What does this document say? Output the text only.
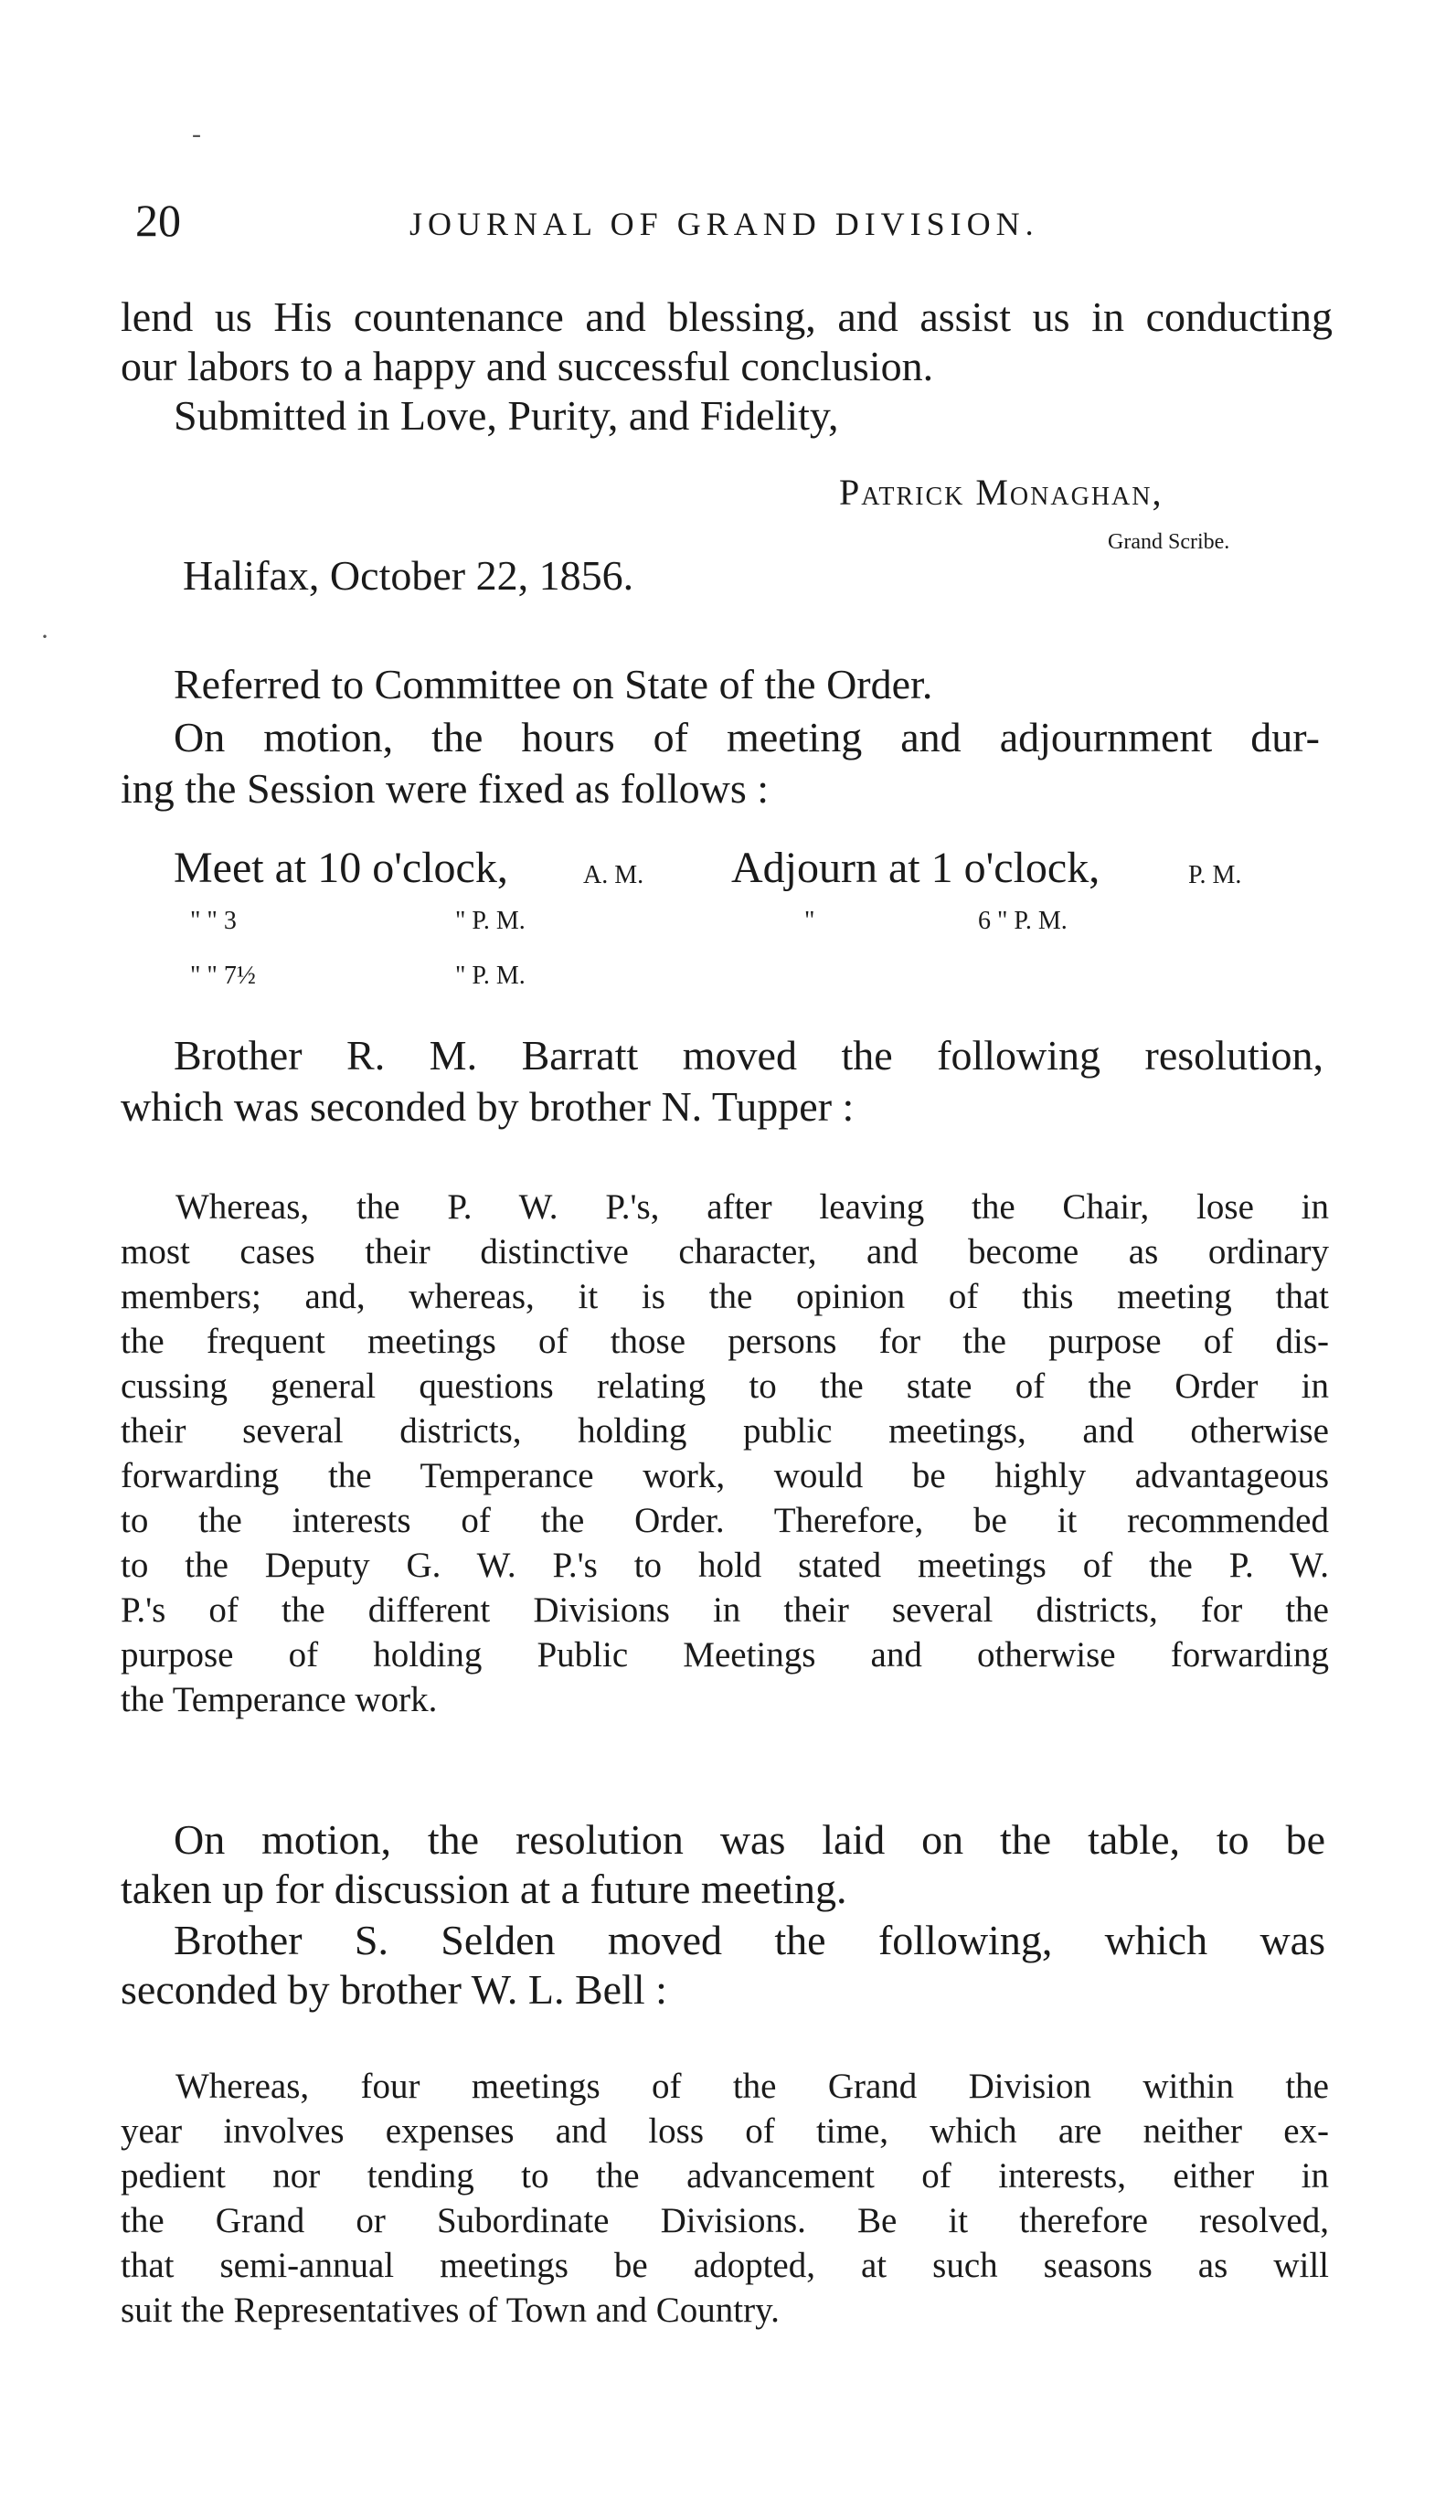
20	JOURNAL OF GRAND DIVISION.
lend us His countenance and blessing, and assist us in conducting
our labors to a happy and successful conclusion.
Submitted in Love, Purity, and Fidelity,
Patrick Monaghan,
Grand Scribe.
Halifax, October 22, 1856.
Referred to Committee on State of the Order.
On motion, the hours of meeting and adjournment dur-
ing the Session were fixed as follows :
Meet at 10 o'clock,	A. M. Adjourn at 1 o'clock,	P. M.
" " 3	" P. M.	"	6 " P. M.
" " 7½	" P. M.
Brother R. M. Barratt moved the following resolution,
which was seconded by brother N. Tupper :

Whereas, the P. W. P.'s, after leaving the Chair, lose in

most cases their distinctive character, and become as ordinary

members; and, whereas, it is the opinion of this meeting that

the frequent meetings of those persons for the purpose of dis-

cussing general questions relating to the state of the Order in

their several districts, holding public meetings, and otherwise

forwarding the Temperance work, would be highly advantageous

to the interests of the Order. Therefore, be it recommended

to the Deputy G. W. P.'s to hold stated meetings of the P. W.

P.'s of the different Divisions in their several districts, for the

purpose of holding Public Meetings and otherwise forwarding

the Temperance work.

On motion, the resolution was laid on the table, to be
taken up for discussion at a future meeting.
Brother S. Selden moved the following, which was
seconded by brother W. L. Bell :

Whereas, four meetings of the Grand Division within the

year involves expenses and loss of time, which are neither ex-

pedient nor tending to the advancement of interests, either in

the Grand or Subordinate Divisions. Be it therefore resolved,

that semi-annual meetings be adopted, at such seasons as will

suit the Representatives of Town and Country.

-
·
